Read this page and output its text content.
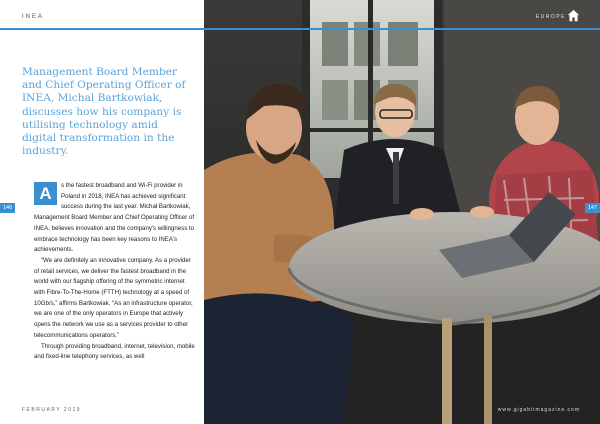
INEA	EUROPE

Management Board Member and Chief Operating Officer of INEA, Michal Bartkowiak, discusses how his company is utilising technology amid digital transformation in the industry.

A	s the fastest broadband and Wi-Fi provider in Poland in 2018, INEA has achieved significant success during the last year. Michał Bartkowiak, Management Board Member and Chief Operating Officer of INEA, believes innovation and the company's willingness to embrace technology has been key reasons to INEA's achievements.

“We are definitely an innovative company. As a provider of retail services, we deliver the fastest broadband in the world with our flagship offering of the symmetric internet with Fibre-To-The-Home (FTTH) technology at a speed of 10Gb/s,” affirms Bartkowiak. “As an infrastructure operator, we are one of the only operators in Europe that actively opens the network we use as a services provider to other telecommunications operators.”

Through providing broadband, internet, television, mobile and fixed-line telephony services, as well

146	147
FEBRUARY 2019	www.gigabitmagazine.com
